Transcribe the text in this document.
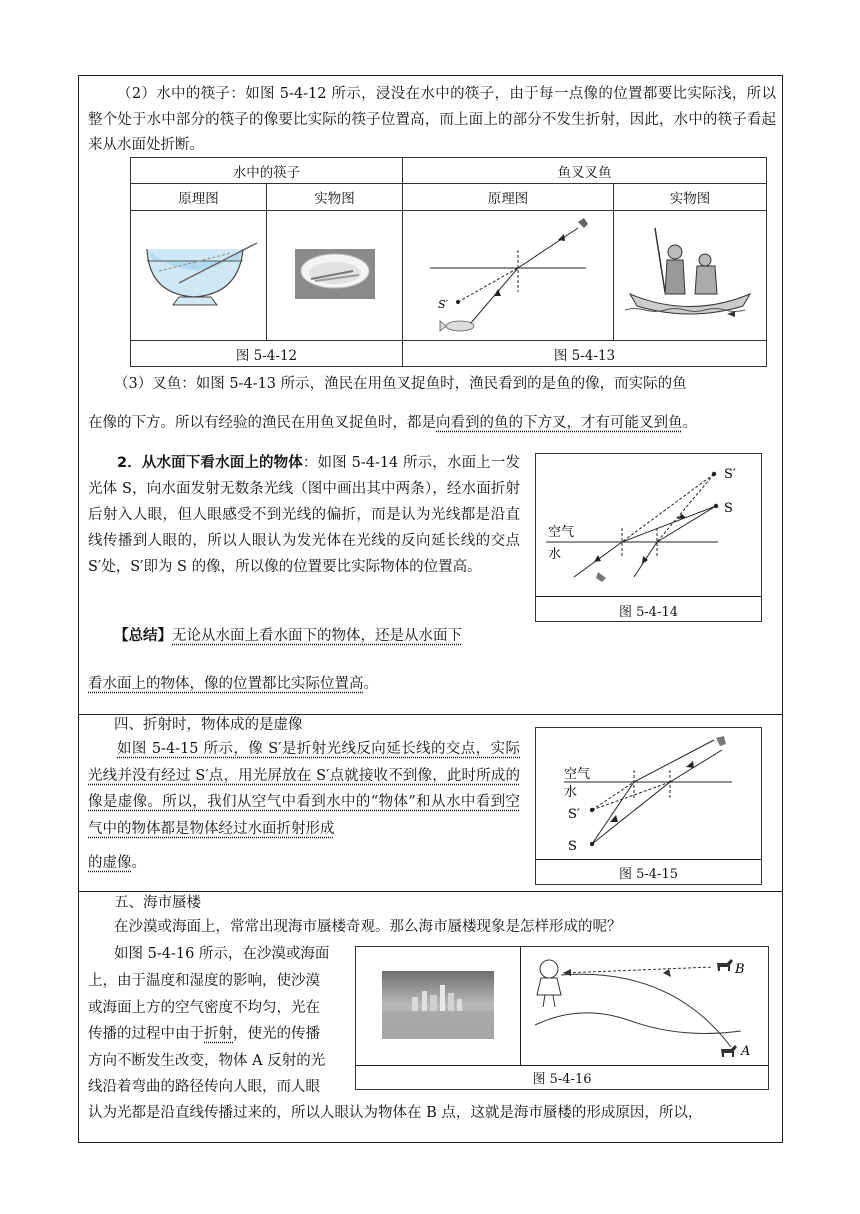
（2）水中的筷子：如图 5-4-12 所示，浸没在水中的筷子，由于每一点像的位置都要比实际浅，所以整个处于水中部分的筷子的像要比实际的筷子位置高，而上面上的部分不发生折射，因此，水中的筷子看起来从水面处折断。

水中的筷子		鱼叉叉鱼	
原理图	实物图	原理图	实物图

S′

图 5-4-12		图 5-4-13	
（3）叉鱼：如图 5-4-13 所示，渔民在用鱼叉捉鱼时，渔民看到的是鱼的像，而实际的鱼
在像的下方。所以有经验的渔民在用鱼叉捉鱼时，都是向看到的鱼的下方叉，才有可能叉到鱼。

2．从水面下看水面上的物体：如图 5-4-14 所示，水面上一发光体 S，向水面发射无数条光线（图中画出其中两条），经水面折射后射入人眼，但人眼感受不到光线的偏折，而是认为光线都是沿直线传播到人眼的，所以人眼认为发光体在光线的反向延长线的交点 S′处，S′即为 S 的像，所以像的位置要比实际物体的位置高。

【总结】无论从水面上看水面下的物体，还是从水面下
看水面上的物体，像的位置都比实际位置高。
S′
S
空气
水
图 5-4-14
四、折射时，物体成的是虚像

如图 5-4-15 所示，像 S′是折射光线反向延长线的交点，实际光线并没有经过 S′点，用光屏放在 S′点就接收不到像，此时所成的像是虚像。所以，我们从空气中看到水中的“物体”和从水中看到空气中的物体都是物体经过水面折射形成

的虚像。
空气
水
S′
S
图 5-4-15
五、海市蜃楼
在沙漠或海面上，常常出现海市蜃楼奇观。那么海市蜃楼现象是怎样形成的呢？
如图 5-4-16 所示，在沙漠或海面
上，由于温度和湿度的影响，使沙漠
或海面上方的空气密度不均匀，光在
传播的过程中由于折射，使光的传播
方向不断发生改变，物体 A 反射的光
线沿着弯曲的路径传向人眼，而人眼
认为光都是沿直线传播过来的，所以人眼认为物体在 B 点，这就是海市蜃楼的形成原因，所以，
B
A
图 5-4-16
